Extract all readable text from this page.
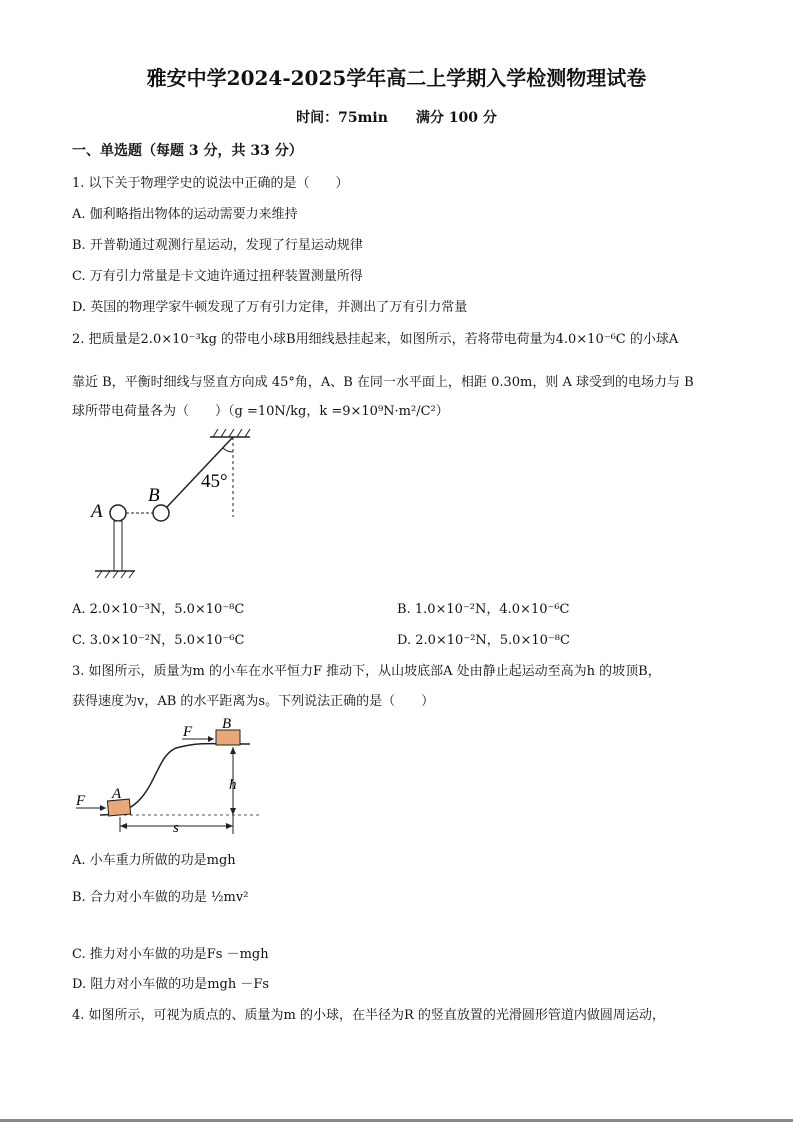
雅安中学2024-2025学年高二上学期入学检测物理试卷
时间：75min　　满分 100 分
一、单选题（每题 3 分，共 33 分）
1. 以下关于物理学史的说法中正确的是（　　）
A. 伽利略指出物体的运动需要力来维持
B. 开普勒通过观测行星运动，发现了行星运动规律
C. 万有引力常量是卡文迪许通过扭秤装置测量所得
D. 英国的物理学家牛顿发现了万有引力定律，并测出了万有引力常量
2. 把质量是2.0×10⁻³kg 的带电小球B用细线悬挂起来，如图所示，若将带电荷量为4.0×10⁻⁶C 的小球A
靠近 B，平衡时细线与竖直方向成 45°角，A、B 在同一水平面上，相距 0.30m，则 A 球受到的电场力与 B
球所带电荷量各为（　　）（g =10N/kg，k =9×10⁹N·m²/C²）
A
B
45°
A. 2.0×10⁻³N，5.0×10⁻⁸C	B. 1.0×10⁻²N，4.0×10⁻⁶C
C. 3.0×10⁻²N，5.0×10⁻⁶C	D. 2.0×10⁻²N，5.0×10⁻⁸C
3. 如图所示，质量为m 的小车在水平恒力F 推动下，从山坡底部A 处由静止起运动至高为h 的坡顶B，
获得速度为v，AB 的水平距离为s。下列说法正确的是（　　）
F
F
A
B
h
s
A. 小车重力所做的功是mgh
B. 合力对小车做的功是 ½mv²
C. 推力对小车做的功是Fs －mgh
D. 阻力对小车做的功是mgh －Fs
4. 如图所示，可视为质点的、质量为m 的小球，在半径为R 的竖直放置的光滑圆形管道内做圆周运动，
